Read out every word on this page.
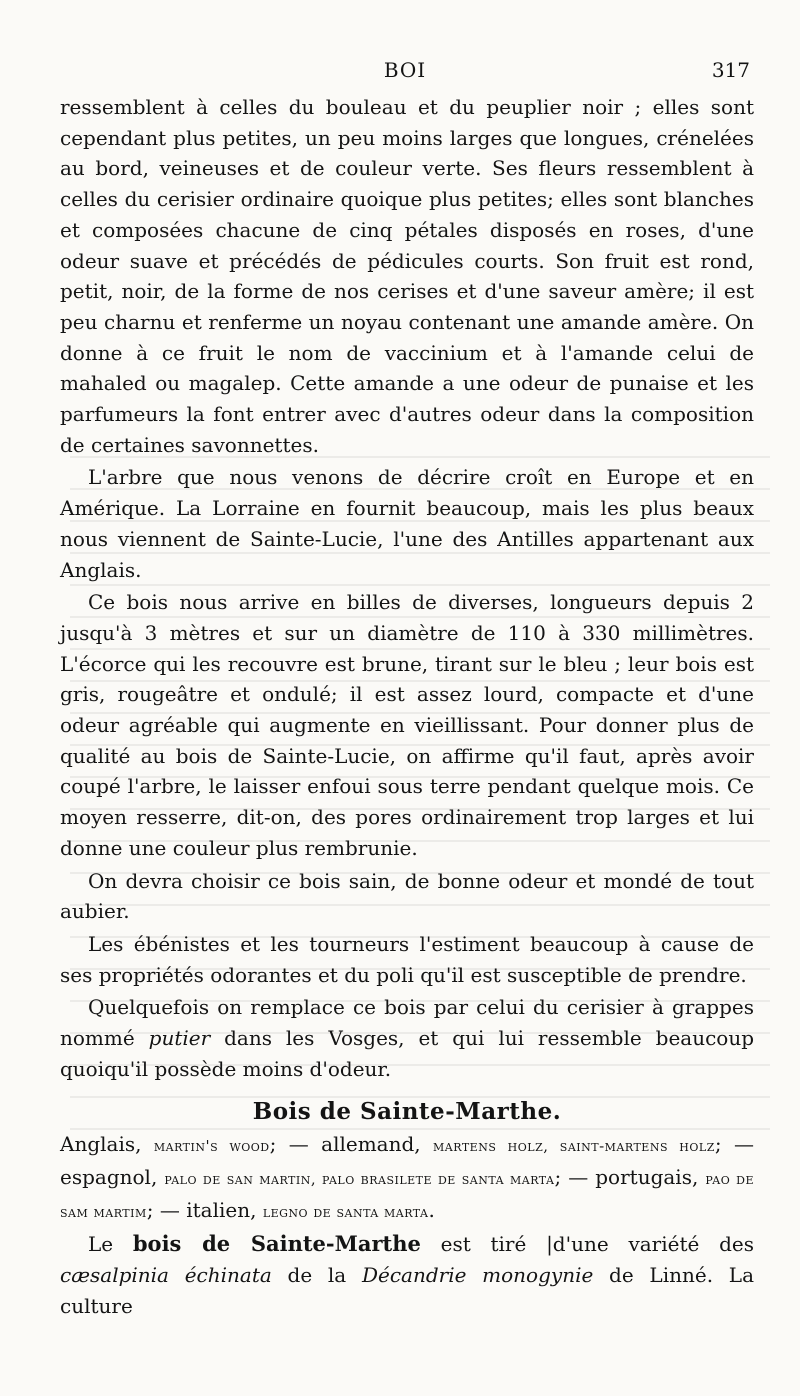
BOI	317

ressemblent à celles du bouleau et du peuplier noir ; elles sont cependant plus petites, un peu moins larges que longues, crénelées au bord, veineuses et de couleur verte. Ses fleurs ressemblent à celles du cerisier ordinaire quoique plus petites; elles sont blanches et composées chacune de cinq pétales disposés en roses, d'une odeur suave et précédés de pédicules courts. Son fruit est rond, petit, noir, de la forme de nos cerises et d'une saveur amère; il est peu charnu et renferme un noyau contenant une amande amère. On donne à ce fruit le nom de vaccinium et à l'amande celui de mahaled ou magalep. Cette amande a une odeur de punaise et les parfumeurs la font entrer avec d'autres odeur dans la composition de certaines savonnettes.

L'arbre que nous venons de décrire croît en Europe et en Amérique. La Lorraine en fournit beaucoup, mais les plus beaux nous viennent de Sainte-Lucie, l'une des Antilles appartenant aux Anglais.

Ce bois nous arrive en billes de diverses, longueurs depuis 2 jusqu'à 3 mètres et sur un diamètre de 110 à 330 millimètres. L'écorce qui les recouvre est brune, tirant sur le bleu ; leur bois est gris, rougeâtre et ondulé; il est assez lourd, compacte et d'une odeur agréable qui augmente en vieillissant. Pour donner plus de qualité au bois de Sainte-Lucie, on affirme qu'il faut, après avoir coupé l'arbre, le laisser enfoui sous terre pendant quelque mois. Ce moyen resserre, dit-on, des pores ordinairement trop larges et lui donne une couleur plus rembrunie.

On devra choisir ce bois sain, de bonne odeur et mondé de tout aubier.

Les ébénistes et les tourneurs l'estiment beaucoup à cause de ses propriétés odorantes et du poli qu'il est susceptible de prendre.

Quelquefois on remplace ce bois par celui du cerisier à grappes nommé putier dans les Vosges, et qui lui ressemble beaucoup quoiqu'il possède moins d'odeur.

Bois de Sainte-Marthe.

Anglais, martin's wood; — allemand, martens holz, saint-martens holz; — espagnol, palo de san martin, palo brasilete de santa marta; — portugais, pao de sam martim; — italien, legno de santa marta.

Le bois de Sainte-Marthe est tiré |d'une variété des cæsalpinia échinata de la Décandrie monogynie de Linné. La culture
